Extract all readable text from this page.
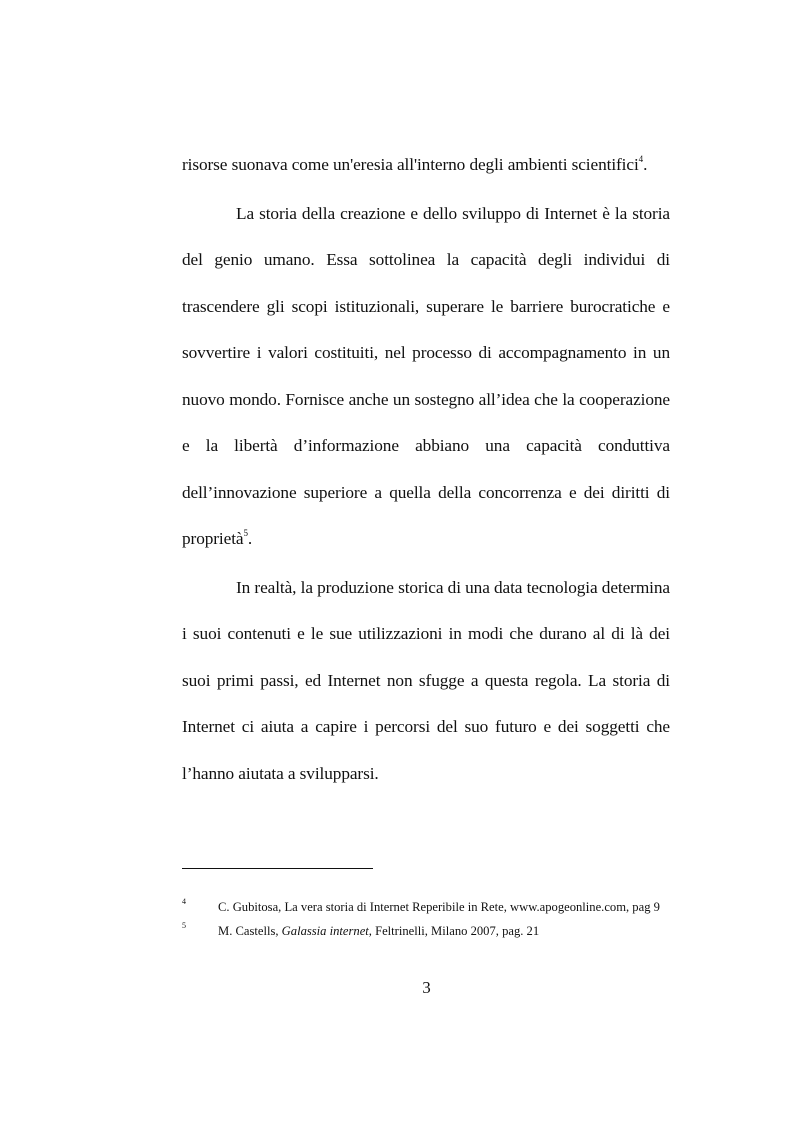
risorse suonava come un'eresia all'interno degli ambienti scientifici$^4$.

La storia della creazione e dello sviluppo di Internet è la storia del genio umano. Essa sottolinea la capacità degli individui di trascendere gli scopi istituzionali, superare le barriere burocratiche e sovvertire i valori costituiti, nel processo di accompagnamento in un nuovo mondo. Fornisce anche un sostegno all’idea che la cooperazione e la libertà d’informazione abbiano una capacità conduttiva dell’innovazione superiore a quella della concorrenza e dei diritti di proprietà$^5$.

In realtà, la produzione storica di una data tecnologia determina i suoi contenuti e le sue utilizzazioni in modi che durano al di là dei suoi primi passi, ed Internet non sfugge a questa regola. La storia di Internet ci aiuta a capire i percorsi del suo futuro e dei soggetti che l’hanno aiutata a svilupparsi.

4	C. Gubitosa, La vera storia di Internet Reperibile in Rete, www.apogeonline.com, pag 9
5	M. Castells, Galassia internet, Feltrinelli, Milano 2007, pag. 21
3
